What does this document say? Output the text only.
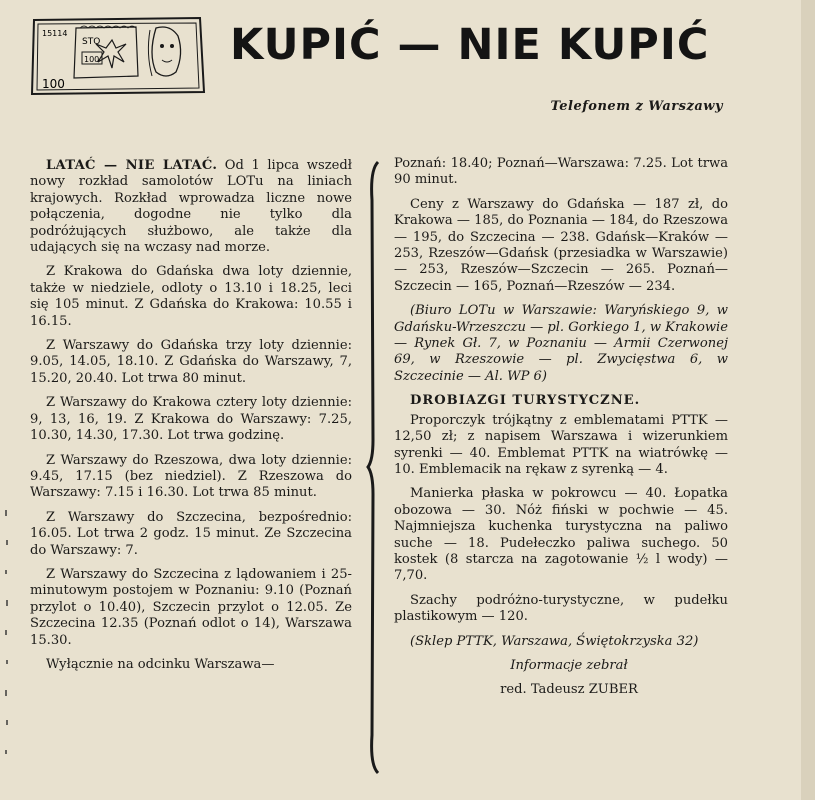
15114
STO
100
100
KUPIĆ — NIE KUPIĆ
Telefonem z Warszawy

LATAĆ — NIE LATAĆ. Od 1 lipca wszedł nowy rozkład samolotów LOTu na liniach krajowych. Rozkład wprowadza liczne nowe połączenia, dogodne nie tylko dla podróżujących służbowo, ale także dla udających się na wczasy nad morze.

Z Krakowa do Gdańska dwa loty dziennie, także w niedziele, odloty o 13.10 i 18.25, leci się 105 minut. Z Gdańska do Krakowa: 10.55 i 16.15.

Z Warszawy do Gdańska trzy loty dziennie: 9.05, 14.05, 18.10. Z Gdańska do Warszawy, 7, 15.20, 20.40. Lot trwa 80 minut.

Z Warszawy do Krakowa cztery loty dziennie: 9, 13, 16, 19. Z Krakowa do Warszawy: 7.25, 10.30, 14.30, 17.30. Lot trwa godzinę.

Z Warszawy do Rzeszowa, dwa loty dziennie: 9.45, 17.15 (bez niedziel). Z Rzeszowa do Warszawy: 7.15 i 16.30. Lot trwa 85 minut.

Z Warszawy do Szczecina, bezpośrednio: 16.05. Lot trwa 2 godz. 15 minut. Ze Szczecina do Warszawy: 7.

Z Warszawy do Szczecina z lądowaniem i 25-minutowym postojem w Poznaniu: 9.10 (Poznań przylot o 10.40), Szczecin przylot o 12.05. Ze Szczecina 12.35 (Poznań odlot o 14), Warszawa 15.30.

Wyłącznie na odcinku Warszawa—

Poznań: 18.40; Poznań—Warszawa: 7.25. Lot trwa 90 minut.

Ceny z Warszawy do Gdańska — 187 zł, do Krakowa — 185, do Poznania — 184, do Rzeszowa — 195, do Szczecina — 238. Gdańsk—Kraków — 253, Rzeszów—Gdańsk (przesiadka w Warszawie) — 253, Rzeszów—Szczecin — 265. Poznań—Szczecin — 165, Poznań—Rzeszów — 234.

(Biuro LOTu w Warszawie: Waryńskiego 9, w Gdańsku-Wrzeszczu — pl. Gorkiego 1, w Krakowie — Rynek Gł. 7, w Poznaniu — Armii Czerwonej 69, w Rzeszowie — pl. Zwycięstwa 6, w Szczecinie — Al. WP 6)

DROBIAZGI TURYSTYCZNE.

Proporczyk trójkątny z emblematami PTTK — 12,50 zł; z napisem Warszawa i wizerunkiem syrenki — 40. Emblemat PTTK na wiatrówkę — 10. Emblemacik na rękaw z syrenką — 4.

Manierka płaska w pokrowcu — 40. Łopatka obozowa — 30. Nóż fiński w pochwie — 45. Najmniejsza kuchenka turystyczna na paliwo suche — 18. Pudełeczko paliwa suchego. 50 kostek (8 starcza na zagotowanie ½ l wody) — 7,70.

Szachy podróżno-turystyczne, w pudełku plastikowym — 120.

(Sklep PTTK, Warszawa, Świętokrzyska 32)

Informacje zebrał

red. Tadeusz ZUBER
